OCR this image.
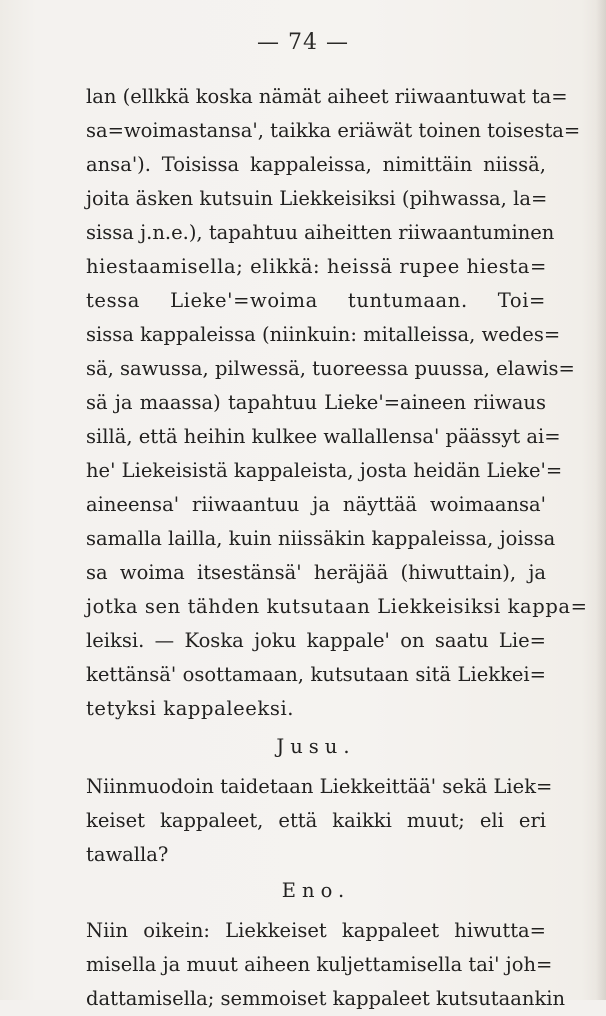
— 74 —
lan (ellkkä koska nämät aiheet riiwaantuwat ta=
sa=woimastansa', taikka eriäwät toinen toisesta=
ansa'). Toisissa kappaleissa, nimittäin niissä,
joita äsken kutsuin Liekkeisiksi (pihwassa, la=
sissa j.n.e.), tapahtuu aiheitten riiwaantuminen
hiestaamisella; elikkä: heissä rupee hiesta=
tessa Lieke'=woima tuntumaan. Toi=
sissa kappaleissa (niinkuin: mitalleissa, wedes=
sä, sawussa, pilwessä, tuoreessa puussa, elawis=
sä ja maassa) tapahtuu Lieke'=aineen riiwaus
sillä, että heihin kulkee wallallensa' päässyt ai=
he' Liekeisistä kappaleista, josta heidän Lieke'=
aineensa' riiwaantuu ja näyttää woimaansa'
samalla lailla, kuin niissäkin kappaleissa, joissa
sa woima itsestänsä' heräjää (hiwuttain), ja
jotka sen tähden kutsutaan Liekkeisiksi kappa=
leiksi. — Koska joku kappale' on saatu Lie=
kettänsä' osottamaan, kutsutaan sitä Liekkei=
tetyksi kappaleeksi.
Jusu.
Niinmuodoin taidetaan Liekkeittää' sekä Liek=
keiset kappaleet, että kaikki muut; eli eri
tawalla?
Eno.
Niin oikein: Liekkeiset kappaleet hiwutta=
misella ja muut aiheen kuljettamisella tai' joh=
dattamisella; semmoiset kappaleet kutsutaankin
